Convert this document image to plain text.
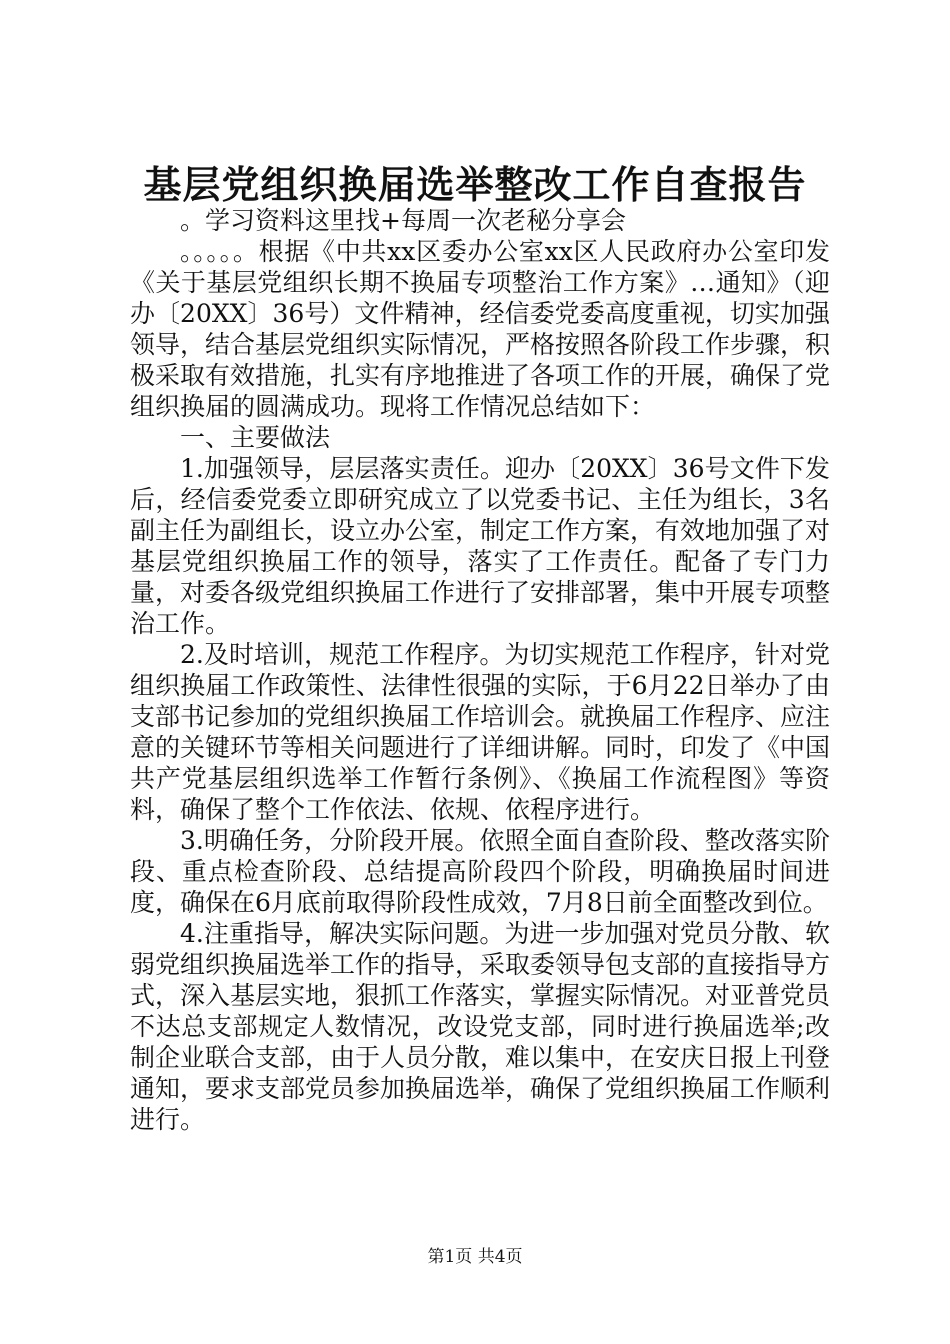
基层党组织换届选举整改工作自查报告

。学习资料这里找+每周一次老秘分享会

。。。。。根据《中共xx区委办公室xx区人民政府办公室印发《关于基层党组织长期不换届专项整治工作方案》…通知》（迎办〔20XX〕36号）文件精神，经信委党委高度重视，切实加强领导，结合基层党组织实际情况，严格按照各阶段工作步骤，积极采取有效措施，扎实有序地推进了各项工作的开展，确保了党组织换届的圆满成功。现将工作情况总结如下：

一、主要做法

1.加强领导，层层落实责任。迎办〔20XX〕36号文件下发后，经信委党委立即研究成立了以党委书记、主任为组长，3名副主任为副组长，设立办公室，制定工作方案，有效地加强了对基层党组织换届工作的领导，落实了工作责任。配备了专门力量，对委各级党组织换届工作进行了安排部署，集中开展专项整治工作。

2.及时培训，规范工作程序。为切实规范工作程序，针对党组织换届工作政策性、法律性很强的实际，于6月22日举办了由支部书记参加的党组织换届工作培训会。就换届工作程序、应注意的关键环节等相关问题进行了详细讲解。同时，印发了《中国共产党基层组织选举工作暂行条例》、《换届工作流程图》等资料，确保了整个工作依法、依规、依程序进行。

3.明确任务，分阶段开展。依照全面自查阶段、整改落实阶段、重点检查阶段、总结提高阶段四个阶段，明确换届时间进度，确保在6月底前取得阶段性成效，7月8日前全面整改到位。

4.注重指导，解决实际问题。为进一步加强对党员分散、软弱党组织换届选举工作的指导，采取委领导包支部的直接指导方式，深入基层实地，狠抓工作落实，掌握实际情况。对亚普党员不达总支部规定人数情况，改设党支部，同时进行换届选举;改制企业联合支部，由于人员分散，难以集中，在安庆日报上刊登通知，要求支部党员参加换届选举，确保了党组织换届工作顺利进行。

第1页 共4页
